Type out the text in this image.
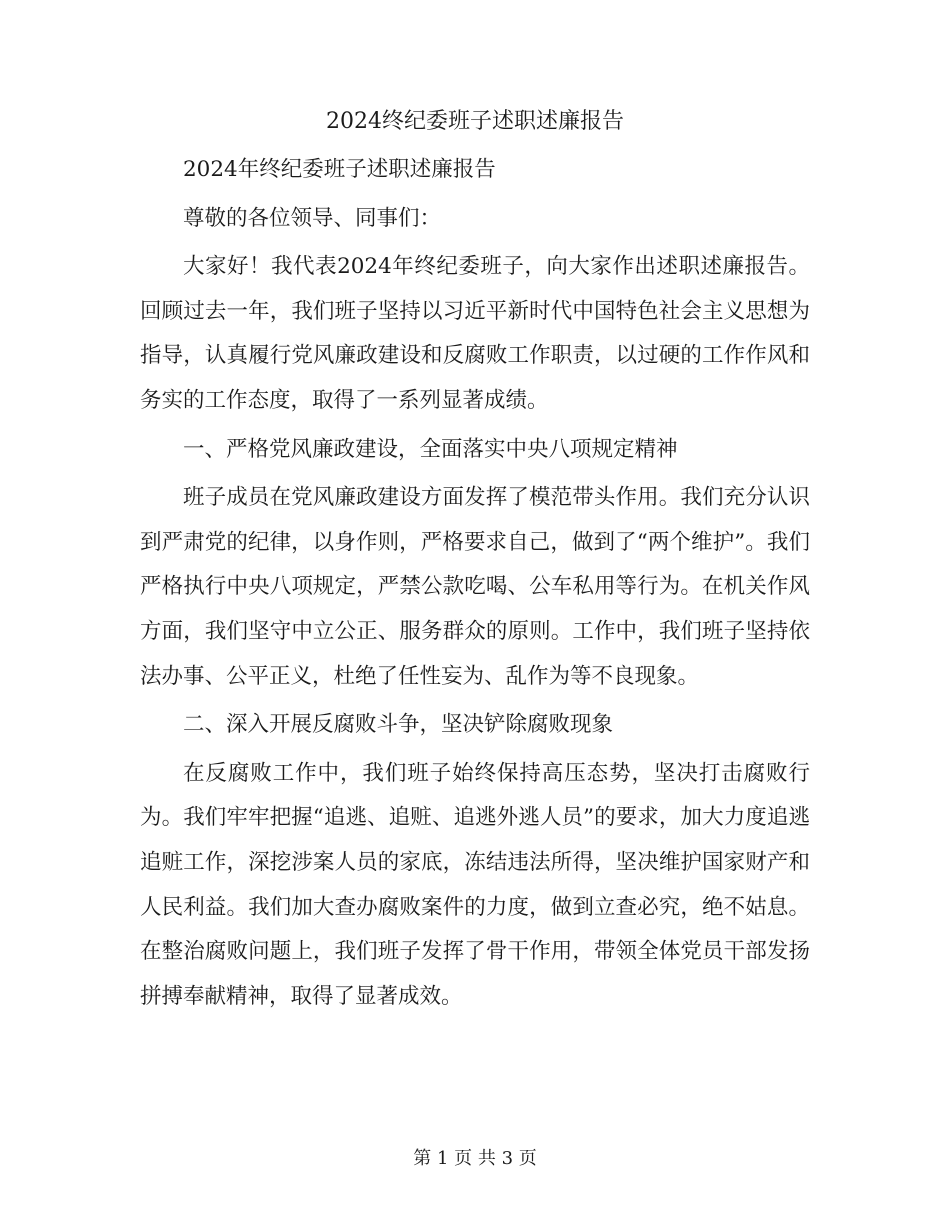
2024终纪委班子述职述廉报告

2024年终纪委班子述职述廉报告

尊敬的各位领导、同事们：

大家好！我代表2024年终纪委班子，向大家作出述职述廉报告。回顾过去一年，我们班子坚持以习近平新时代中国特色社会主义思想为指导，认真履行党风廉政建设和反腐败工作职责，以过硬的工作作风和务实的工作态度，取得了一系列显著成绩。

一、严格党风廉政建设，全面落实中央八项规定精神

班子成员在党风廉政建设方面发挥了模范带头作用。我们充分认识到严肃党的纪律，以身作则，严格要求自己，做到了“两个维护”。我们严格执行中央八项规定，严禁公款吃喝、公车私用等行为。在机关作风方面，我们坚守中立公正、服务群众的原则。工作中，我们班子坚持依法办事、公平正义，杜绝了任性妄为、乱作为等不良现象。

二、深入开展反腐败斗争，坚决铲除腐败现象

在反腐败工作中，我们班子始终保持高压态势，坚决打击腐败行为。我们牢牢把握“追逃、追赃、追逃外逃人员”的要求，加大力度追逃追赃工作，深挖涉案人员的家底，冻结违法所得，坚决维护国家财产和人民利益。我们加大查办腐败案件的力度，做到立查必究，绝不姑息。在整治腐败问题上，我们班子发挥了骨干作用，带领全体党员干部发扬拼搏奉献精神，取得了显著成效。

第 1 页 共 3 页
